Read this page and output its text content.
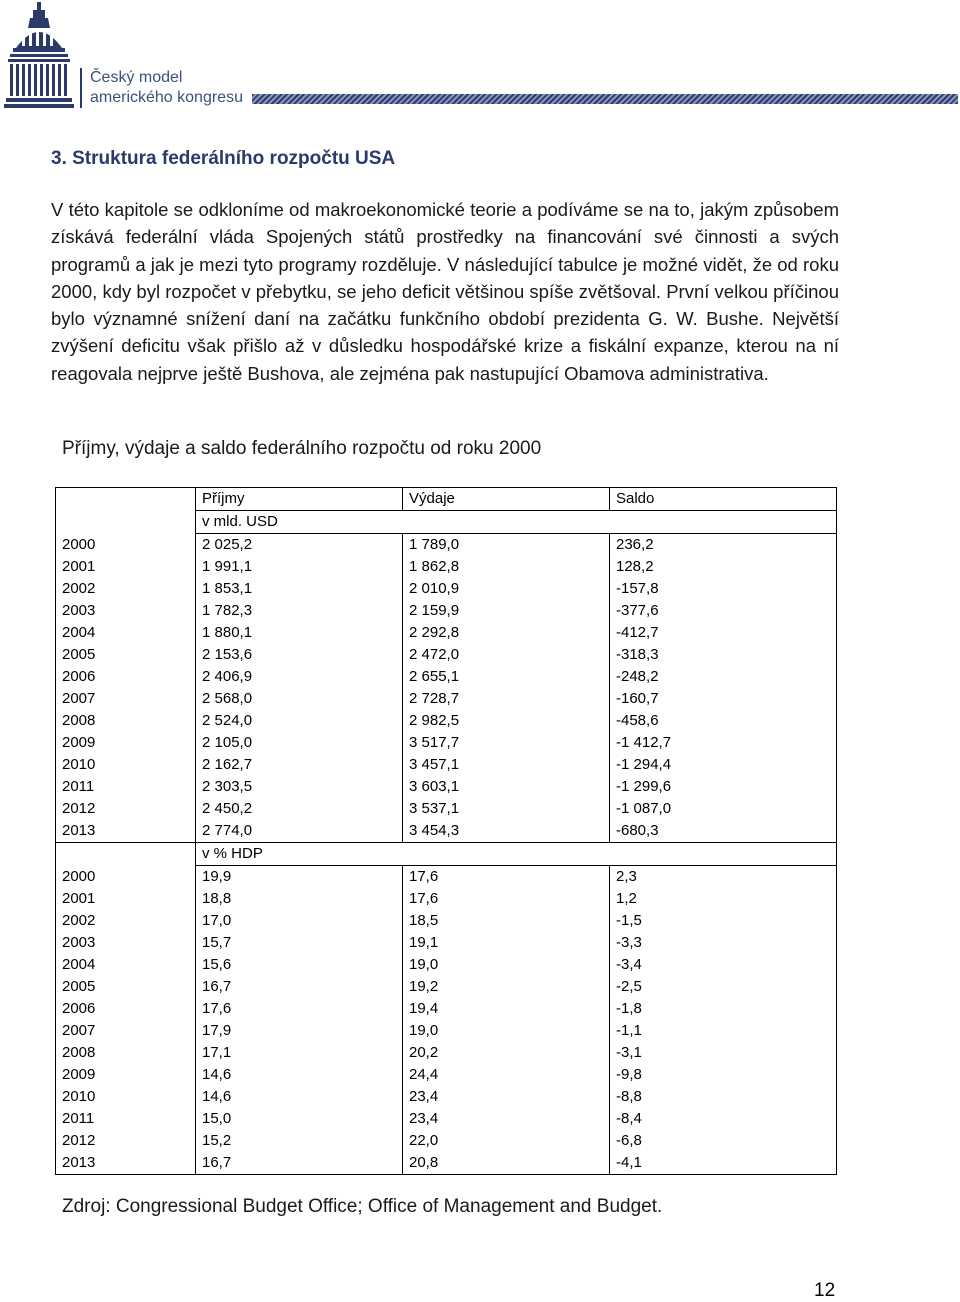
Český model
amerického kongresu
3. Struktura federálního rozpočtu USA

V této kapitole se odkloníme od makroekonomické teorie a podíváme se na to, jakým způsobem získává federální vláda Spojených států prostředky na financování své činnosti a svých programů a jak je mezi tyto programy rozděluje. V následující tabulce je možné vidět, že od roku 2000, kdy byl rozpočet v přebytku, se jeho deficit většinou spíše zvětšoval. První velkou příčinou bylo významné snížení daní na začátku funkčního období prezidenta G. W. Bushe. Největší zvýšení deficitu však přišlo až v důsledku hospodářské krize a fiskální expanze, kterou na ní reagovala nejprve ještě Bushova, ale zejména pak nastupující Obamova administrativa.

Příjmy, výdaje a saldo federálního rozpočtu od roku 2000

	Příjmy	Výdaje	Saldo
	v mld. USD		
2000	2 025,2	1 789,0	236,2
2001	1 991,1	1 862,8	128,2
2002	1 853,1	2 010,9	-157,8
2003	1 782,3	2 159,9	-377,6
2004	1 880,1	2 292,8	-412,7
2005	2 153,6	2 472,0	-318,3
2006	2 406,9	2 655,1	-248,2
2007	2 568,0	2 728,7	-160,7
2008	2 524,0	2 982,5	-458,6
2009	2 105,0	3 517,7	-1 412,7
2010	2 162,7	3 457,1	-1 294,4
2011	2 303,5	3 603,1	-1 299,6
2012	2 450,2	3 537,1	-1 087,0
2013	2 774,0	3 454,3	-680,3
	v % HDP		
2000	19,9	17,6	2,3
2001	18,8	17,6	1,2
2002	17,0	18,5	-1,5
2003	15,7	19,1	-3,3
2004	15,6	19,0	-3,4
2005	16,7	19,2	-2,5
2006	17,6	19,4	-1,8
2007	17,9	19,0	-1,1
2008	17,1	20,2	-3,1
2009	14,6	24,4	-9,8
2010	14,6	23,4	-8,8
2011	15,0	23,4	-8,4
2012	15,2	22,0	-6,8
2013	16,7	20,8	-4,1

Zdroj: Congressional Budget Office; Office of Management and Budget.

12
